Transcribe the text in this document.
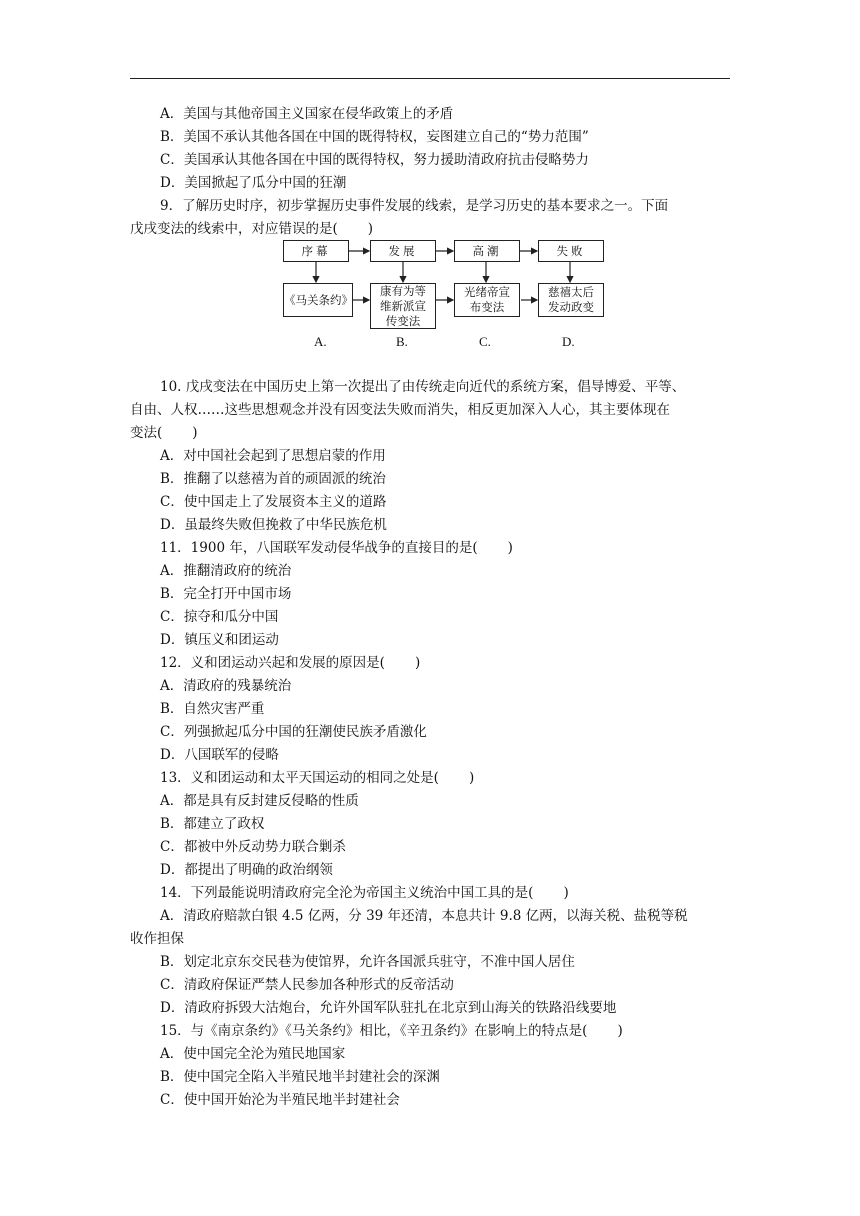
A．美国与其他帝国主义国家在侵华政策上的矛盾
B．美国不承认其他各国在中国的既得特权，妄图建立自己的“势力范围”
C．美国承认其他各国在中国的既得特权，努力援助清政府抗击侵略势力
D．美国掀起了瓜分中国的狂潮
9．了解历史时序，初步掌握历史事件发展的线索，是学习历史的基本要求之一。下面
戊戌变法的线索中，对应错误的是( )
序幕	发展	高潮	失败
《马关条约》
康有为等
维新派宣
传变法
光绪帝宣
布变法
慈禧太后
发动政变
A.	B.	C.	D.
10. 戊戌变法在中国历史上第一次提出了由传统走向近代的系统方案，倡导博爱、平等、
自由、人权……这些思想观念并没有因变法失败而消失，相反更加深入人心，其主要体现在
变法( )
A．对中国社会起到了思想启蒙的作用
B．推翻了以慈禧为首的顽固派的统治
C．使中国走上了发展资本主义的道路
D．虽最终失败但挽救了中华民族危机
11．1900 年，八国联军发动侵华战争的直接目的是( )
A．推翻清政府的统治
B．完全打开中国市场
C．掠夺和瓜分中国
D．镇压义和团运动
12．义和团运动兴起和发展的原因是( )
A．清政府的残暴统治
B．自然灾害严重
C．列强掀起瓜分中国的狂潮使民族矛盾激化
D．八国联军的侵略
13．义和团运动和太平天国运动的相同之处是( )
A．都是具有反封建反侵略的性质
B．都建立了政权
C．都被中外反动势力联合剿杀
D．都提出了明确的政治纲领
14．下列最能说明清政府完全沦为帝国主义统治中国工具的是( )
A．清政府赔款白银 4.5 亿两，分 39 年还清，本息共计 9.8 亿两，以海关税、盐税等税
收作担保
B．划定北京东交民巷为使馆界，允许各国派兵驻守，不准中国人居住
C．清政府保证严禁人民参加各种形式的反帝活动
D．清政府拆毁大沽炮台，允许外国军队驻扎在北京到山海关的铁路沿线要地
15．与《南京条约》《马关条约》相比，《辛丑条约》在影响上的特点是( )
A．使中国完全沦为殖民地国家
B．使中国完全陷入半殖民地半封建社会的深渊
C．使中国开始沦为半殖民地半封建社会
